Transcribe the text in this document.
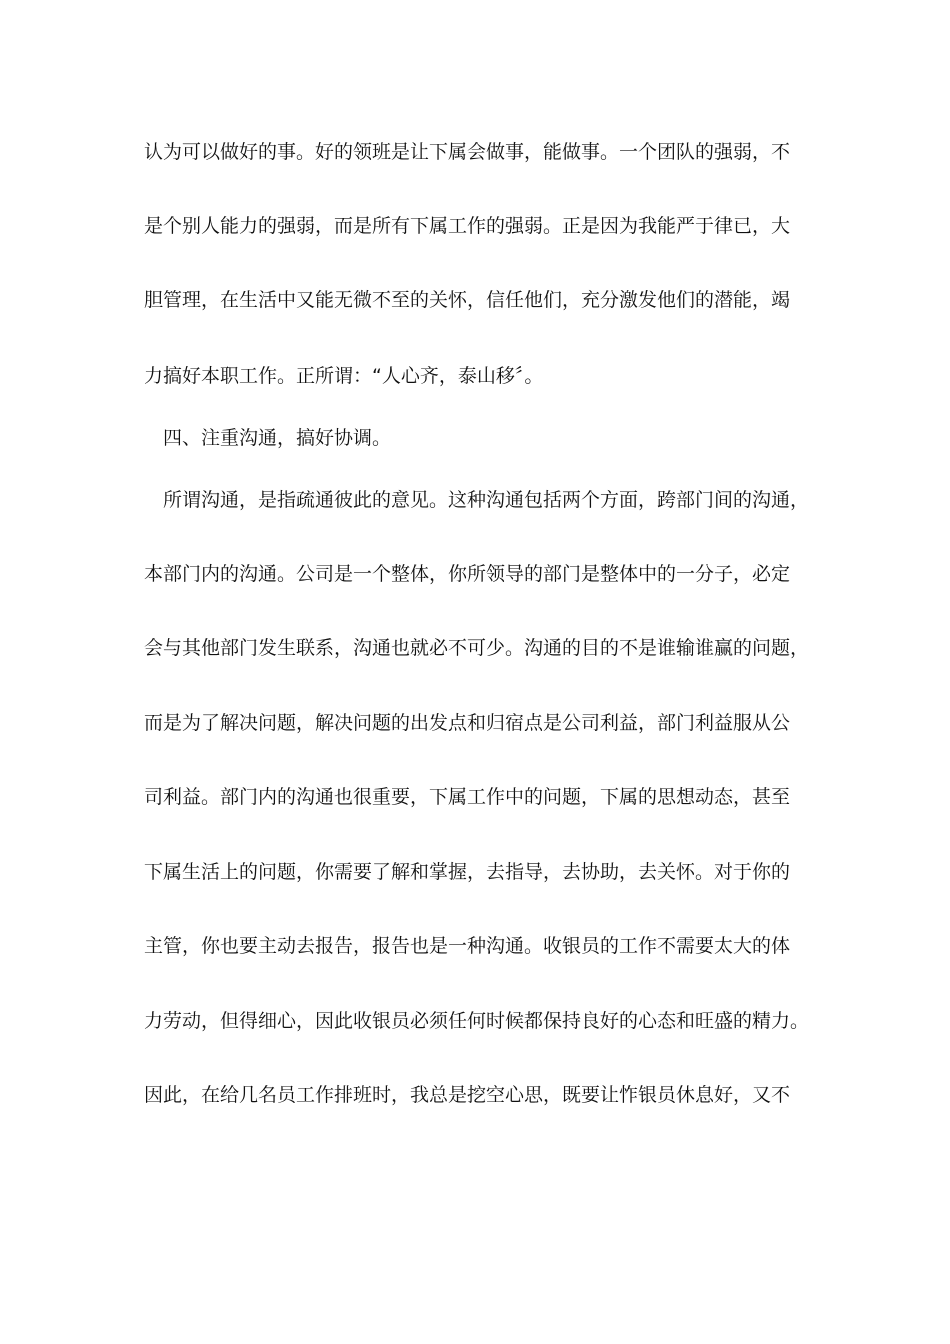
认为可以做好的事。好的领班是让下属会做事，能做事。一个团队的强弱，不
是个别人能力的强弱，而是所有下属工作的强弱。正是因为我能严于律已，大
胆管理，在生活中又能无微不至的关怀，信任他们，充分激发他们的潜能，竭
力搞好本职工作。正所谓：“人心齐，泰山移〞。
四、注重沟通，搞好协调。
所谓沟通，是指疏通彼此的意见。这种沟通包括两个方面，跨部门间的沟通，
本部门内的沟通。公司是一个整体，你所领导的部门是整体中的一分子，必定
会与其他部门发生联系，沟通也就必不可少。沟通的目的不是谁输谁赢的问题，
而是为了解决问题，解决问题的出发点和归宿点是公司利益，部门利益服从公
司利益。部门内的沟通也很重要，下属工作中的问题，下属的思想动态，甚至
下属生活上的问题，你需要了解和掌握，去指导，去协助，去关怀。对于你的
主管，你也要主动去报告，报告也是一种沟通。收银员的工作不需要太大的体
力劳动，但得细心，因此收银员必须任何时候都保持良好的心态和旺盛的精力。
因此，在给几名员工作排班时，我总是挖空心思，既要让怍银员休息好，又不
